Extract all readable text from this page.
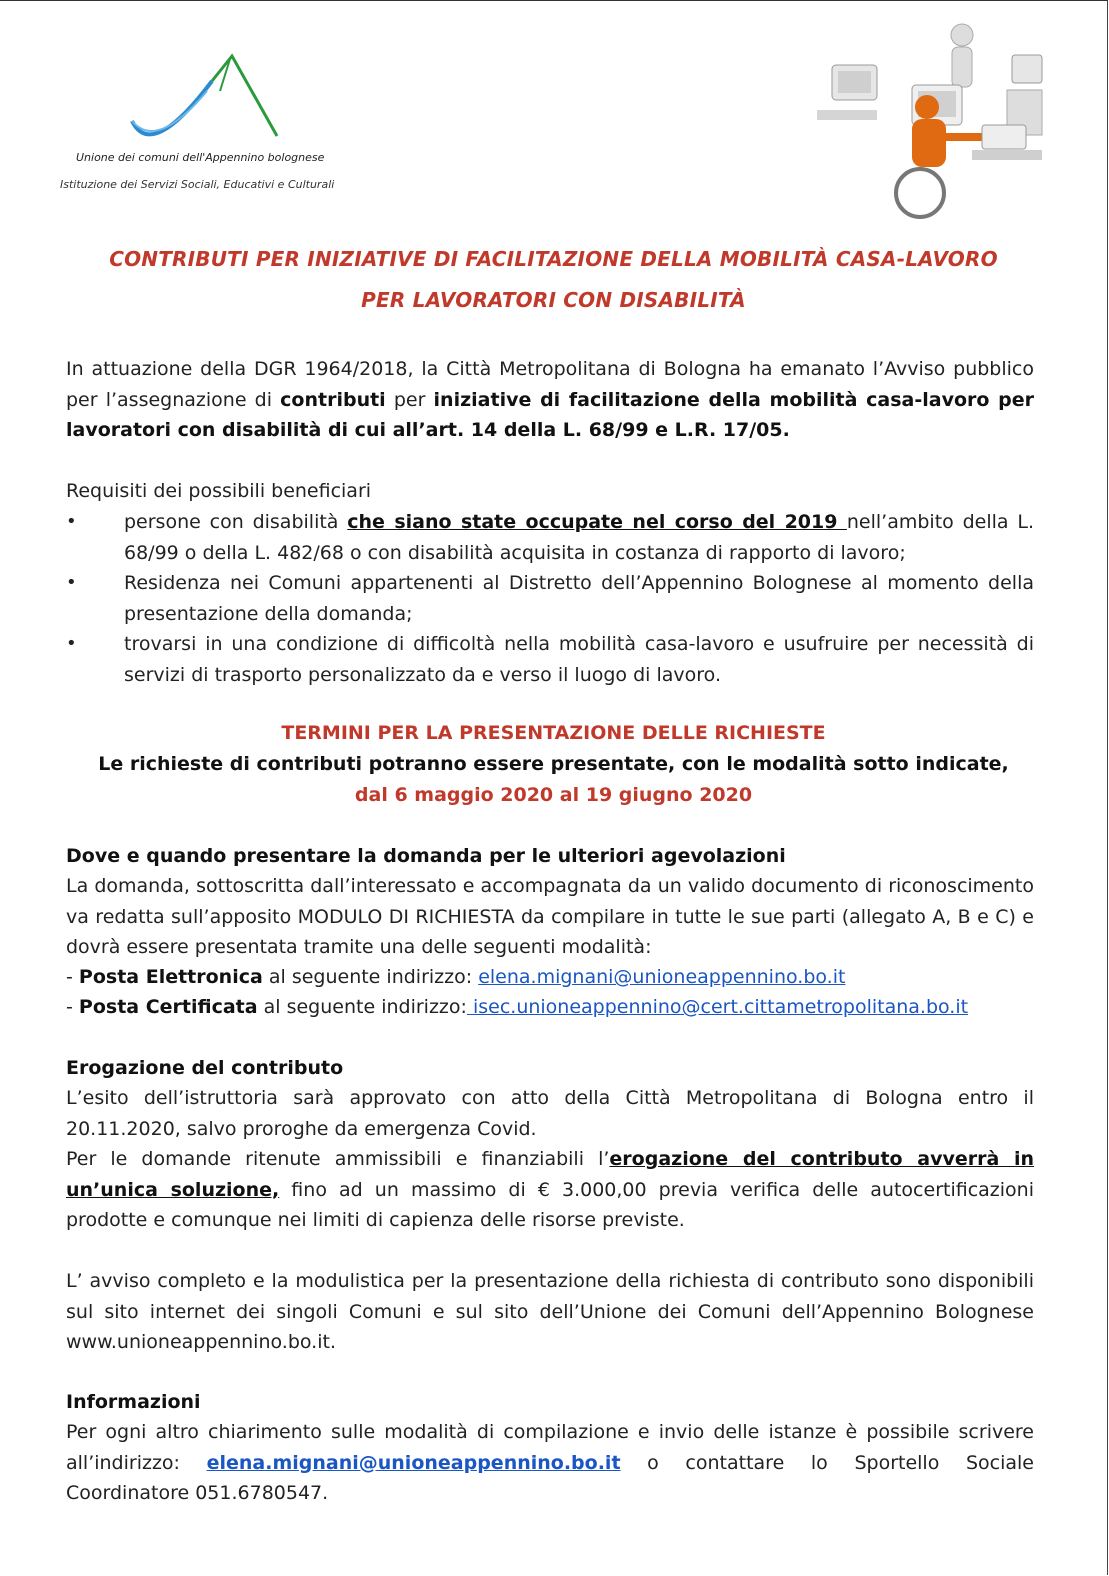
Unione dei comuni dell'Appennino bolognese
Istituzione dei Servizi Sociali, Educativi e Culturali
CONTRIBUTI PER INIZIATIVE DI FACILITAZIONE DELLA MOBILITÀ CASA-LAVORO
PER LAVORATORI CON DISABILITÀ
In attuazione della DGR 1964/2018, la Città Metropolitana di Bologna ha emanato l’Avviso pubblico per l’assegnazione di contributi per iniziative di facilitazione della mobilità casa-lavoro per lavoratori con disabilità di cui all’art. 14 della L. 68/99 e L.R. 17/05.
Requisiti dei possibili beneficiari
• persone con disabilità che siano state occupate nel corso del 2019 nell’ambito della L. 68/99 o della L. 482/68 o con disabilità acquisita in costanza di rapporto di lavoro;
• Residenza nei Comuni appartenenti al Distretto dell’Appennino Bolognese al momento della presentazione della domanda;
• trovarsi in una condizione di difficoltà nella mobilità casa-lavoro e usufruire per necessità di servizi di trasporto personalizzato da e verso il luogo di lavoro.
TERMINI PER LA PRESENTAZIONE DELLE RICHIESTE
Le richieste di contributi potranno essere presentate, con le modalità sotto indicate,
dal 6 maggio 2020 al 19 giugno 2020
Dove e quando presentare la domanda per le ulteriori agevolazioni
La domanda, sottoscritta dall’interessato e accompagnata da un valido documento di riconoscimento va redatta sull’apposito MODULO DI RICHIESTA da compilare in tutte le sue parti (allegato A, B e C) e dovrà essere presentata tramite una delle seguenti modalità:
- Posta Elettronica al seguente indirizzo: elena.mignani@unioneappennino.bo.it
- Posta Certificata al seguente indirizzo: isec.unioneappennino@cert.cittametropolitana.bo.it
Erogazione del contributo
L’esito dell’istruttoria sarà approvato con atto della Città Metropolitana di Bologna entro il 20.11.2020, salvo proroghe da emergenza Covid.
Per le domande ritenute ammissibili e finanziabili l’erogazione del contributo avverrà in un’unica soluzione, fino ad un massimo di € 3.000,00 previa verifica delle autocertificazioni prodotte e comunque nei limiti di capienza delle risorse previste.
L’ avviso completo e la modulistica per la presentazione della richiesta di contributo sono disponibili sul sito internet dei singoli Comuni e sul sito dell’Unione dei Comuni dell’Appennino Bolognese www.unioneappennino.bo.it.
Informazioni
Per ogni altro chiarimento sulle modalità di compilazione e invio delle istanze è possibile scrivere all’indirizzo: elena.mignani@unioneappennino.bo.it o contattare lo Sportello Sociale Coordinatore 051.6780547.
